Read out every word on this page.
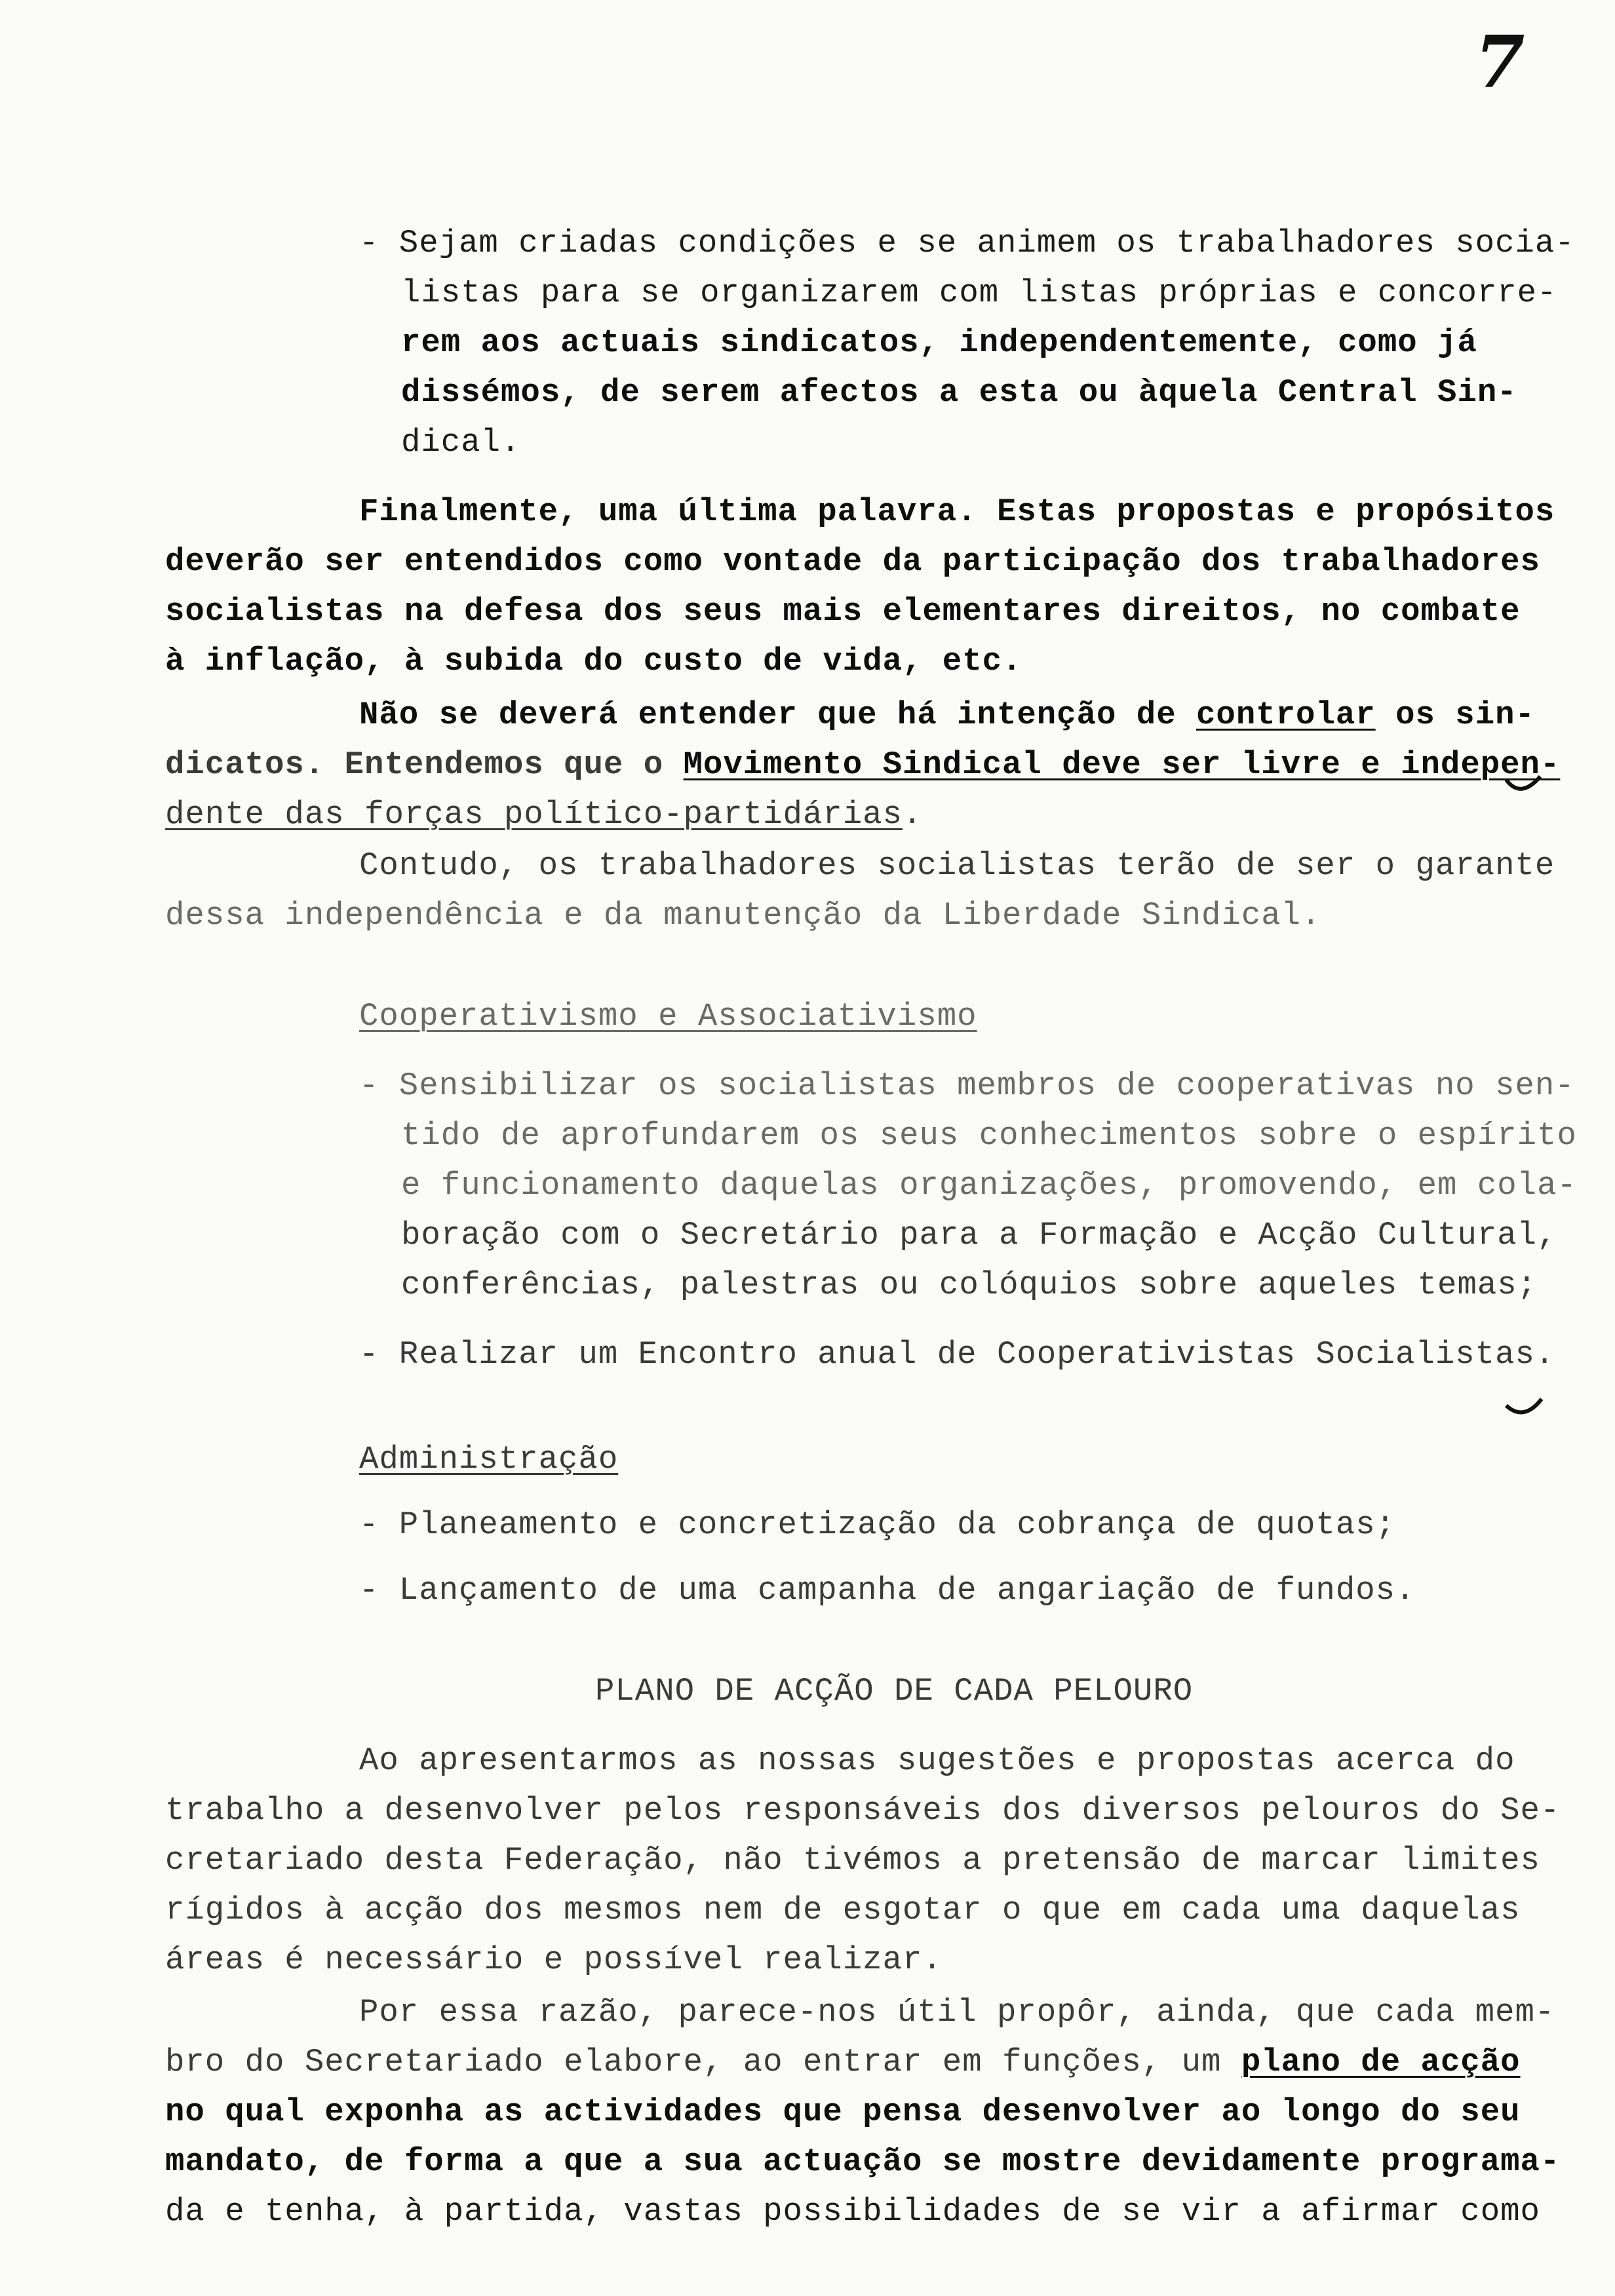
7
- Sejam criadas condições e se animem os trabalhadores socia-
listas para se organizarem com listas próprias e concorre-
rem aos actuais sindicatos, independentemente, como já
dissémos, de serem afectos a esta ou àquela Central Sin-
dical.
Finalmente, uma última palavra. Estas propostas e propósitos
deverão ser entendidos como vontade da participação dos trabalhadores
socialistas na defesa dos seus mais elementares direitos, no combate
à inflação, à subida do custo de vida, etc.
Não se deverá entender que há intenção de controlar os sin-
dicatos. Entendemos que o Movimento Sindical deve ser livre e indepen-
dente das forças político-partidárias.
Contudo, os trabalhadores socialistas terão de ser o garante
dessa independência e da manutenção da Liberdade Sindical.
Cooperativismo e Associativismo
- Sensibilizar os socialistas membros de cooperativas no sen-
tido de aprofundarem os seus conhecimentos sobre o espírito
e funcionamento daquelas organizações, promovendo, em cola-
boração com o Secretário para a Formação e Acção Cultural,
conferências, palestras ou colóquios sobre aqueles temas;
- Realizar um Encontro anual de Cooperativistas Socialistas.
Administração
- Planeamento e concretização da cobrança de quotas;
- Lançamento de uma campanha de angariação de fundos.
PLANO DE ACÇÃO DE CADA PELOURO
Ao apresentarmos as nossas sugestões e propostas acerca do
trabalho a desenvolver pelos responsáveis dos diversos pelouros do Se-
cretariado desta Federação, não tivémos a pretensão de marcar limites
rígidos à acção dos mesmos nem de esgotar o que em cada uma daquelas
áreas é necessário e possível realizar.
Por essa razão, parece-nos útil propôr, ainda, que cada mem-
bro do Secretariado elabore, ao entrar em funções, um plano de acção
no qual exponha as actividades que pensa desenvolver ao longo do seu
mandato, de forma a que a sua actuação se mostre devidamente programa-
da e tenha, à partida, vastas possibilidades de se vir a afirmar como
